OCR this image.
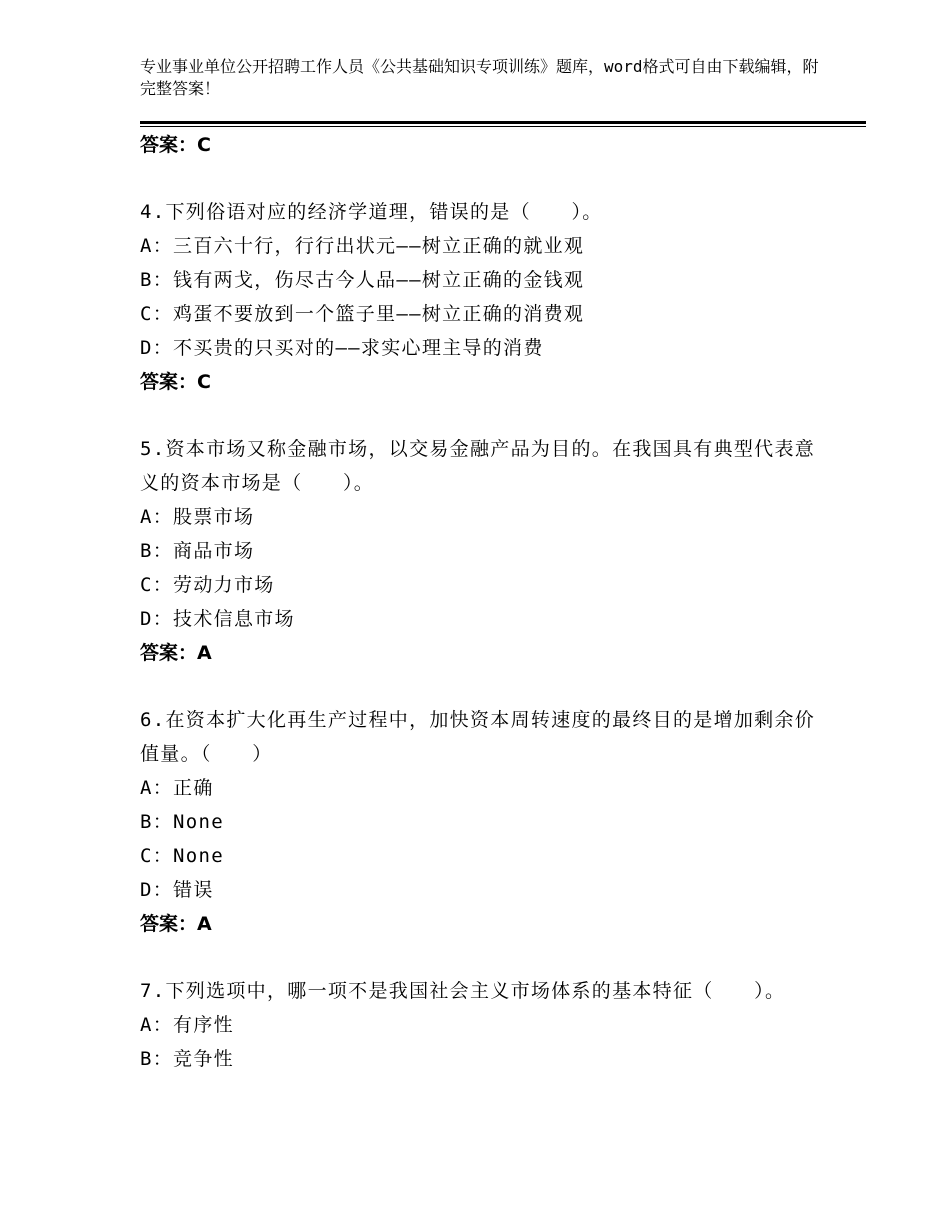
专业事业单位公开招聘工作人员《公共基础知识专项训练》题库，word格式可自由下载编辑，附完整答案！
答案：C
4.下列俗语对应的经济学道理，错误的是（　　）。
A：三百六十行，行行出状元——树立正确的就业观
B：钱有两戈，伤尽古今人品——树立正确的金钱观
C：鸡蛋不要放到一个篮子里——树立正确的消费观
D：不买贵的只买对的——求实心理主导的消费
答案：C
5.资本市场又称金融市场，以交易金融产品为目的。在我国具有典型代表意义的资本市场是（　　）。
A：股票市场
B：商品市场
C：劳动力市场
D：技术信息市场
答案：A
6.在资本扩大化再生产过程中，加快资本周转速度的最终目的是增加剩余价值量。（　　）
A：正确
B：None
C：None
D：错误
答案：A
7.下列选项中，哪一项不是我国社会主义市场体系的基本特征（　　）。
A：有序性
B：竞争性
